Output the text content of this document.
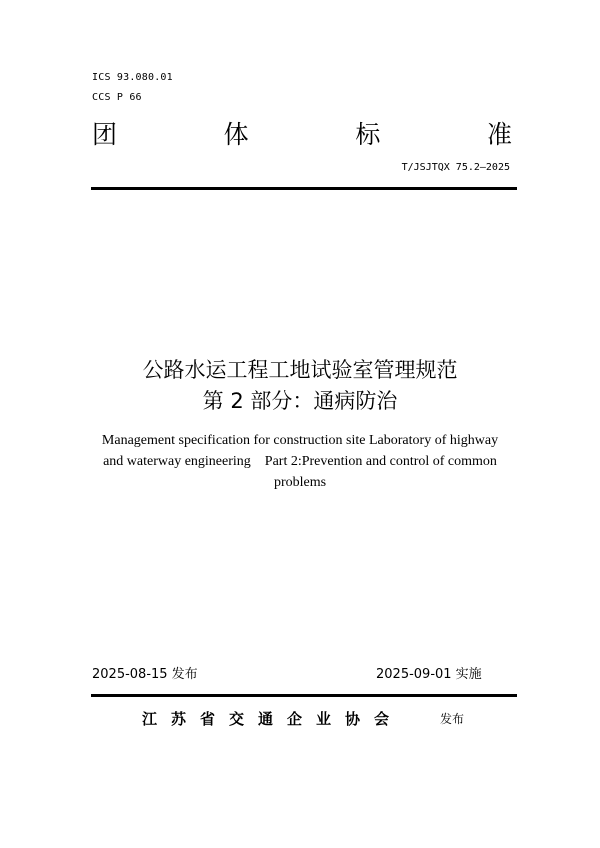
ICS 93.080.01
CCS P 66
团	体	标	准
T/JSJTQX 75.2—2025
公路水运工程工地试验室管理规范
第 2 部分：通病防治
Management specification for construction site Laboratory of highway
and waterway engineering    Part 2:Prevention and control of common
problems
2025-08-15 发布	2025-09-01 实施
江苏省交通企业协会	发布
